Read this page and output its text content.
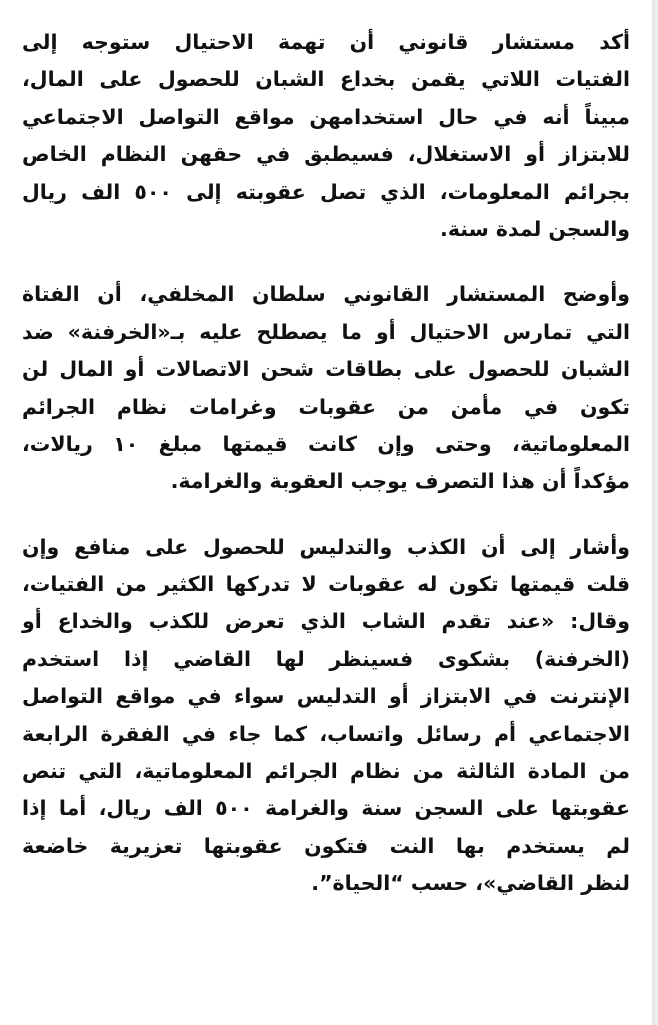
أكد مستشار قانوني أن تهمة الاحتيال ستوجه إلى
الفتيات اللاتي يقمن بخداع الشبان للحصول على المال،
مبيناً أنه في حال استخدامهن مواقع التواصل الاجتماعي
للابتزاز أو الاستغلال، فسيطبق في حقهن النظام الخاص
بجرائم المعلومات، الذي تصل عقوبته إلى ٥٠٠ الف ريال
والسجن لمدة سنة.
وأوضح المستشار القانوني سلطان المخلفي، أن الفتاة
التي تمارس الاحتيال أو ما يصطلح عليه بـ«الخرفنة» ضد
الشبان للحصول على بطاقات شحن الاتصالات أو المال لن
تكون في مأمن من عقوبات وغرامات نظام الجرائم
المعلوماتية، وحتى وإن كانت قيمتها مبلغ ١٠ ريالات،
مؤكداً أن هذا التصرف يوجب العقوبة والغرامة.
وأشار إلى أن الكذب والتدليس للحصول على منافع وإن
قلت قيمتها تكون له عقوبات لا تدركها الكثير من الفتيات،
وقال: «عند تقدم الشاب الذي تعرض للكذب والخداع أو
(الخرفنة) بشكوى فسينظر لها القاضي إذا استخدم
الإنترنت في الابتزاز أو التدليس سواء في مواقع التواصل
الاجتماعي أم رسائل واتساب، كما جاء في الفقرة الرابعة
من المادة الثالثة من نظام الجرائم المعلوماتية، التي تنص
عقوبتها على السجن سنة والغرامة ٥٠٠ الف ريال، أما إذا
لم يستخدم بها النت فتكون عقوبتها تعزيرية خاضعة
لنظر القاضي»، حسب “الحياة”.
